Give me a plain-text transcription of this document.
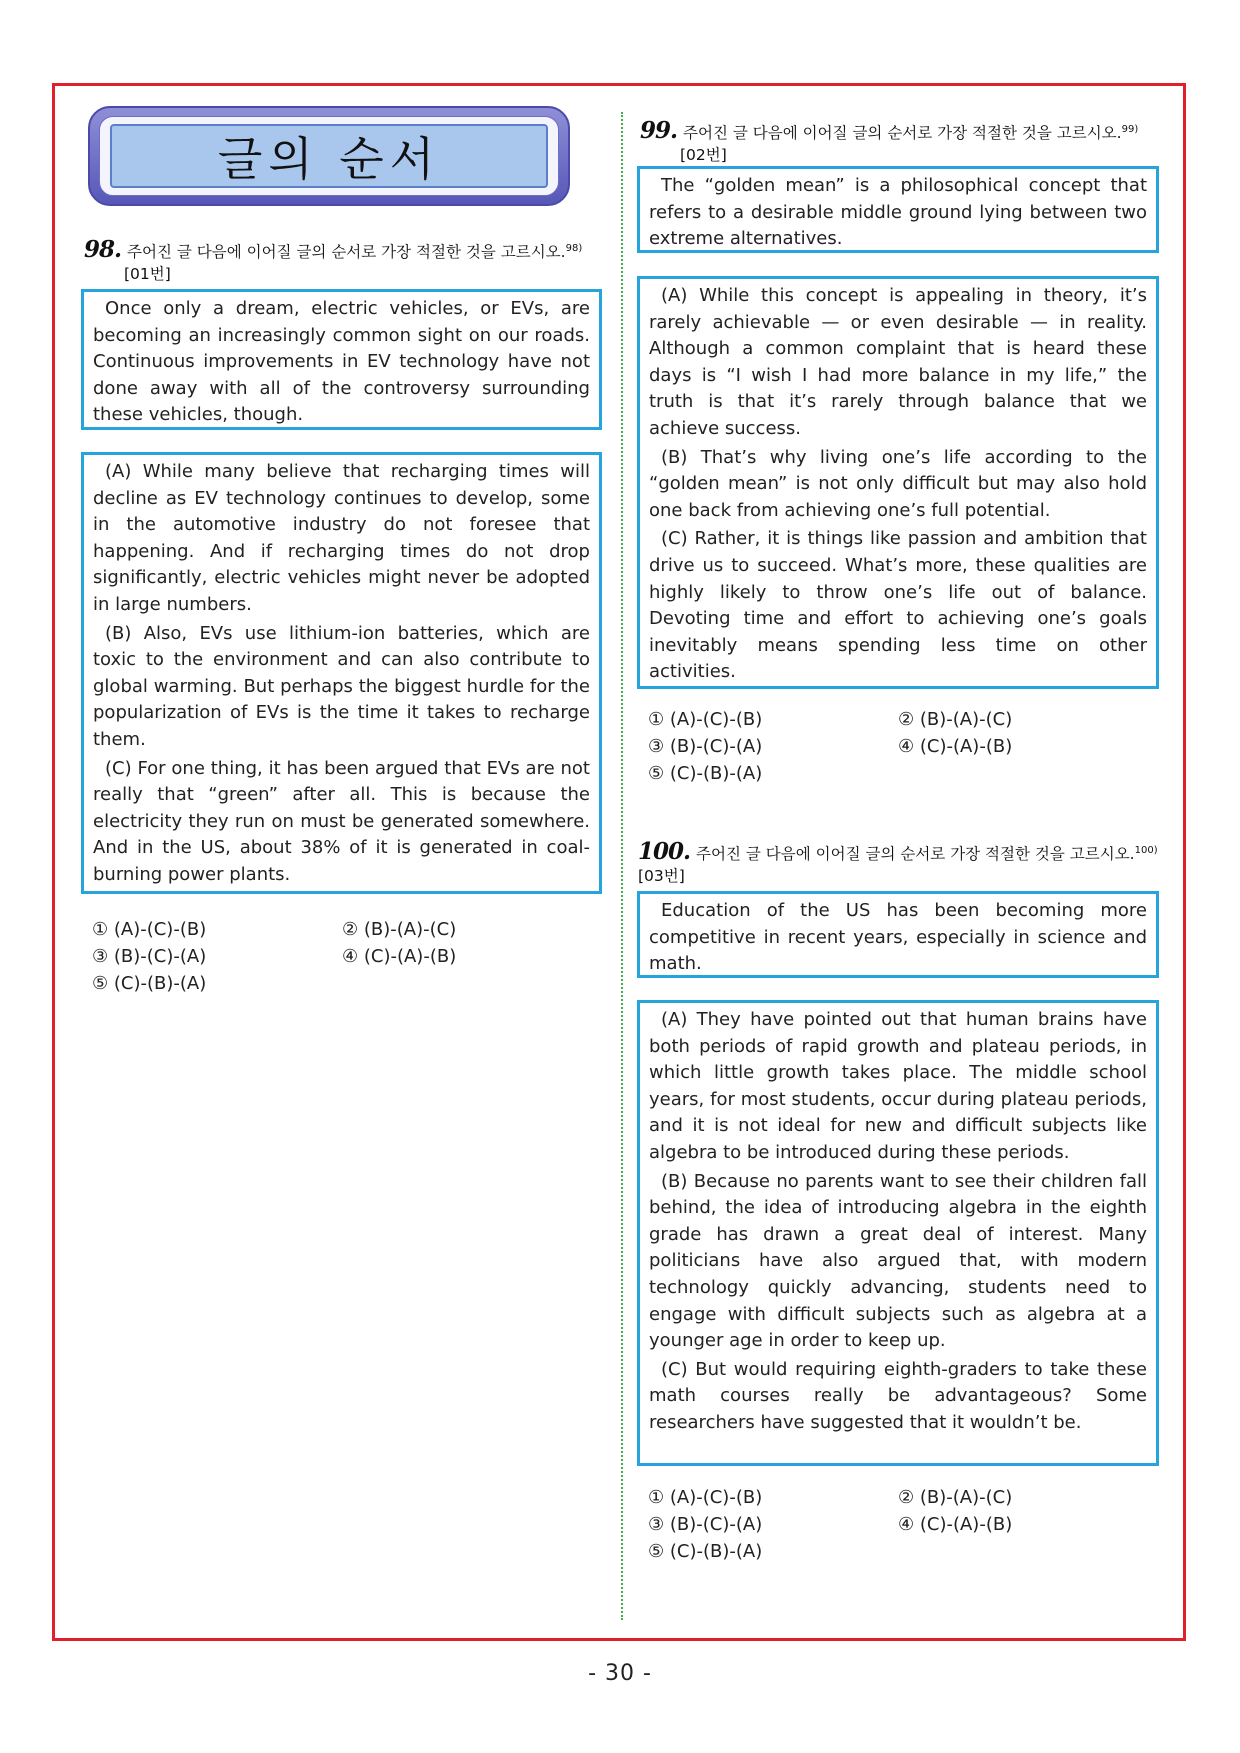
글의 순서
98. 주어진 글 다음에 이어질 글의 순서로 가장 적절한 것을 고르시오.$^{98)}$
[01번]

Once only a dream, electric vehicles, or EVs, are becoming an increasingly common sight on our roads. Continuous improvements in EV technology have not done away with all of the controversy surrounding these vehicles, though.

(A) While many believe that recharging times will decline as EV technology continues to develop, some in the automotive industry do not foresee that happening. And if recharging times do not drop significantly, electric vehicles might never be adopted in large numbers.

(B) Also, EVs use lithium-ion batteries, which are toxic to the environment and can also contribute to global warming. But perhaps the biggest hurdle for the popularization of EVs is the time it takes to recharge them.

(C) For one thing, it has been argued that EVs are not really that “green” after all. This is because the electricity they run on must be generated somewhere. And in the US, about 38% of it is generated in coal-burning power plants.

① (A)-(C)-(B)	② (B)-(A)-(C)
③ (B)-(C)-(A)	④ (C)-(A)-(B)
⑤ (C)-(B)-(A)
99. 주어진 글 다음에 이어질 글의 순서로 가장 적절한 것을 고르시오.$^{99)}$
[02번]

The “golden mean” is a philosophical concept that refers to a desirable middle ground lying between two extreme alternatives.

(A) While this concept is appealing in theory, it’s rarely achievable — or even desirable — in reality. Although a common complaint that is heard these days is “I wish I had more balance in my life,” the truth is that it’s rarely through balance that we achieve success.

(B) That’s why living one’s life according to the “golden mean” is not only difficult but may also hold one back from achieving one’s full potential.

(C) Rather, it is things like passion and ambition that drive us to succeed. What’s more, these qualities are highly likely to throw one’s life out of balance. Devoting time and effort to achieving one’s goals inevitably means spending less time on other activities.

① (A)-(C)-(B)	② (B)-(A)-(C)
③ (B)-(C)-(A)	④ (C)-(A)-(B)
⑤ (C)-(B)-(A)
100. 주어진 글 다음에 이어질 글의 순서로 가장 적절한 것을 고르시오.$^{100)}$[03번]

Education of the US has been becoming more competitive in recent years, especially in science and math.

(A) They have pointed out that human brains have both periods of rapid growth and plateau periods, in which little growth takes place. The middle school years, for most students, occur during plateau periods, and it is not ideal for new and difficult subjects like algebra to be introduced during these periods.

(B) Because no parents want to see their children fall behind, the idea of introducing algebra in the eighth grade has drawn a great deal of interest. Many politicians have also argued that, with modern technology quickly advancing, students need to engage with difficult subjects such as algebra at a younger age in order to keep up.

(C) But would requiring eighth-graders to take these math courses really be advantageous? Some researchers have suggested that it wouldn’t be.

① (A)-(C)-(B)	② (B)-(A)-(C)
③ (B)-(C)-(A)	④ (C)-(A)-(B)
⑤ (C)-(B)-(A)
- 30 -
